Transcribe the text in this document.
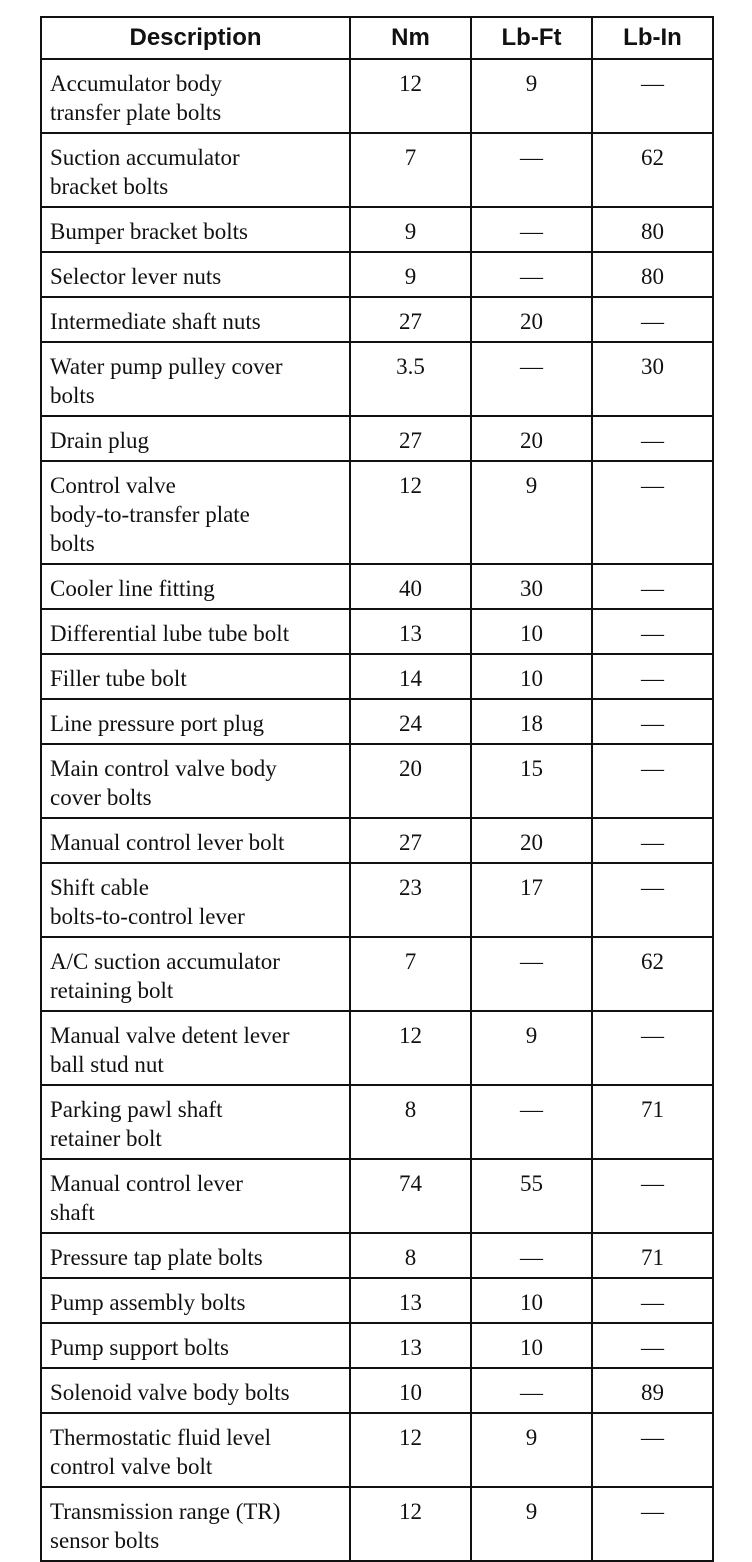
Description	Nm	Lb-Ft	Lb-In
Accumulator body
transfer plate bolts	12	9	—
Suction accumulator
bracket bolts	7	—	62
Bumper bracket bolts	9	—	80
Selector lever nuts	9	—	80
Intermediate shaft nuts	27	20	—
Water pump pulley cover
bolts	3.5	—	30
Drain plug	27	20	—
Control valve
body-to-transfer plate
bolts	12	9	—
Cooler line fitting	40	30	—
Differential lube tube bolt	13	10	—
Filler tube bolt	14	10	—
Line pressure port plug	24	18	—
Main control valve body
cover bolts	20	15	—
Manual control lever bolt	27	20	—
Shift cable
bolts-to-control lever	23	17	—
A/C suction accumulator
retaining bolt	7	—	62
Manual valve detent lever
ball stud nut	12	9	—
Parking pawl shaft
retainer bolt	8	—	71
Manual control lever
shaft	74	55	—
Pressure tap plate bolts	8	—	71
Pump assembly bolts	13	10	—
Pump support bolts	13	10	—
Solenoid valve body bolts	10	—	89
Thermostatic fluid level
control valve bolt	12	9	—
Transmission range (TR)
sensor bolts	12	9	—
